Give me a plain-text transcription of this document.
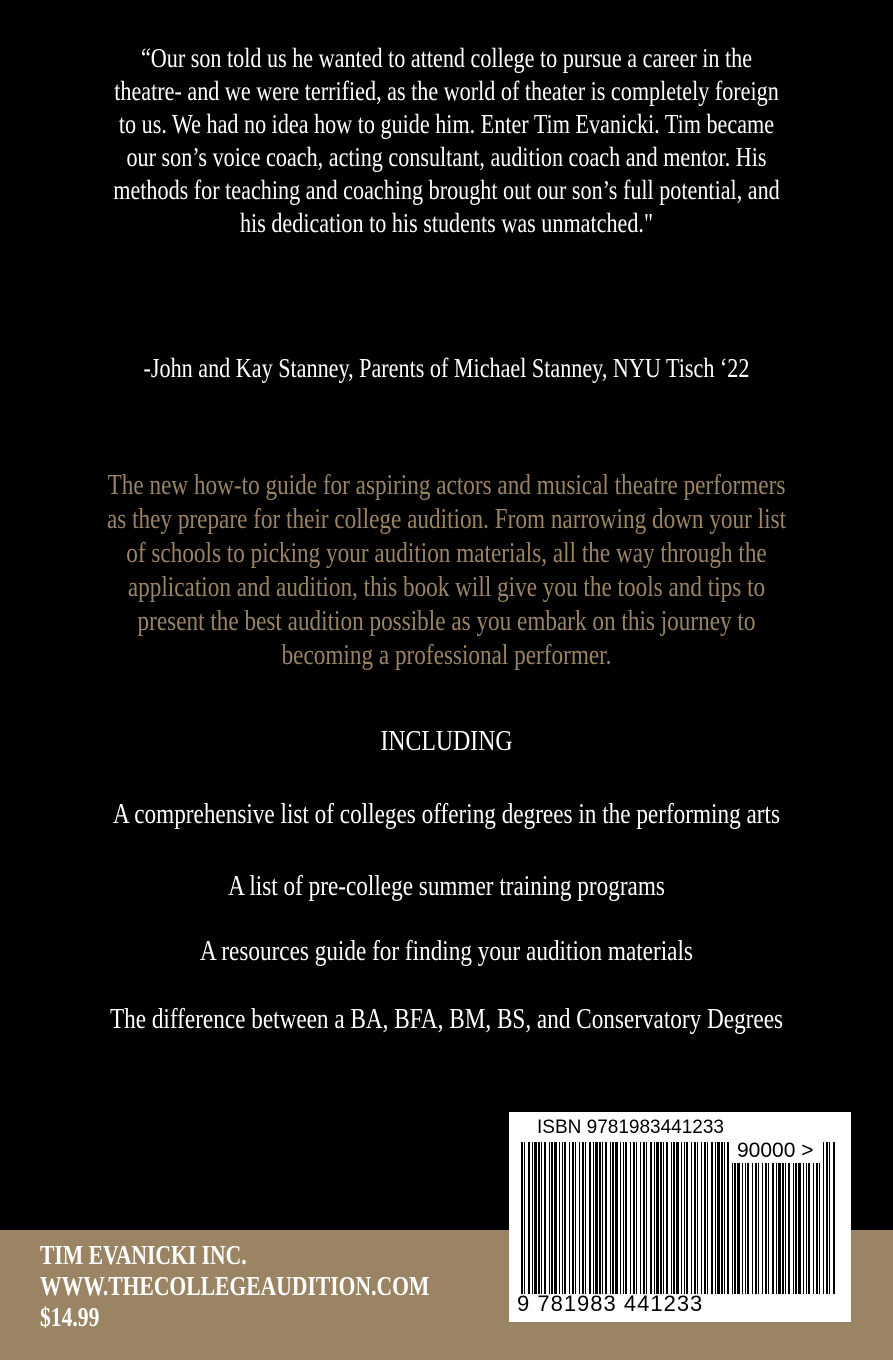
“Our son told us he wanted to attend college to pursue a career in the theatre- and we were terrified, as the world of theater is completely foreign to us. We had no idea how to guide him. Enter Tim Evanicki. Tim became our son’s voice coach, acting consultant, audition coach and mentor. His methods for teaching and coaching brought out our son’s full potential, and his dedication to his students was unmatched."

-John and Kay Stanney, Parents of Michael Stanney, NYU Tisch ‘22
The new how-to guide for aspiring actors and musical theatre performers as they prepare for their college audition. From narrowing down your list of schools to picking your audition materials, all the way through the application and audition, this book will give you the tools and tips to present the best audition possible as you embark on this journey to becoming a professional performer.
INCLUDING
A comprehensive list of colleges offering degrees in the performing arts
A list of pre-college summer training programs
A resources guide for finding your audition materials
The difference between a BA, BFA, BM, BS, and Conservatory Degrees
TIM EVANICKI INC.
WWW.THECOLLEGEAUDITION.COM
$14.99
ISBN 9781983441233
90000 >
9 781983 441233
